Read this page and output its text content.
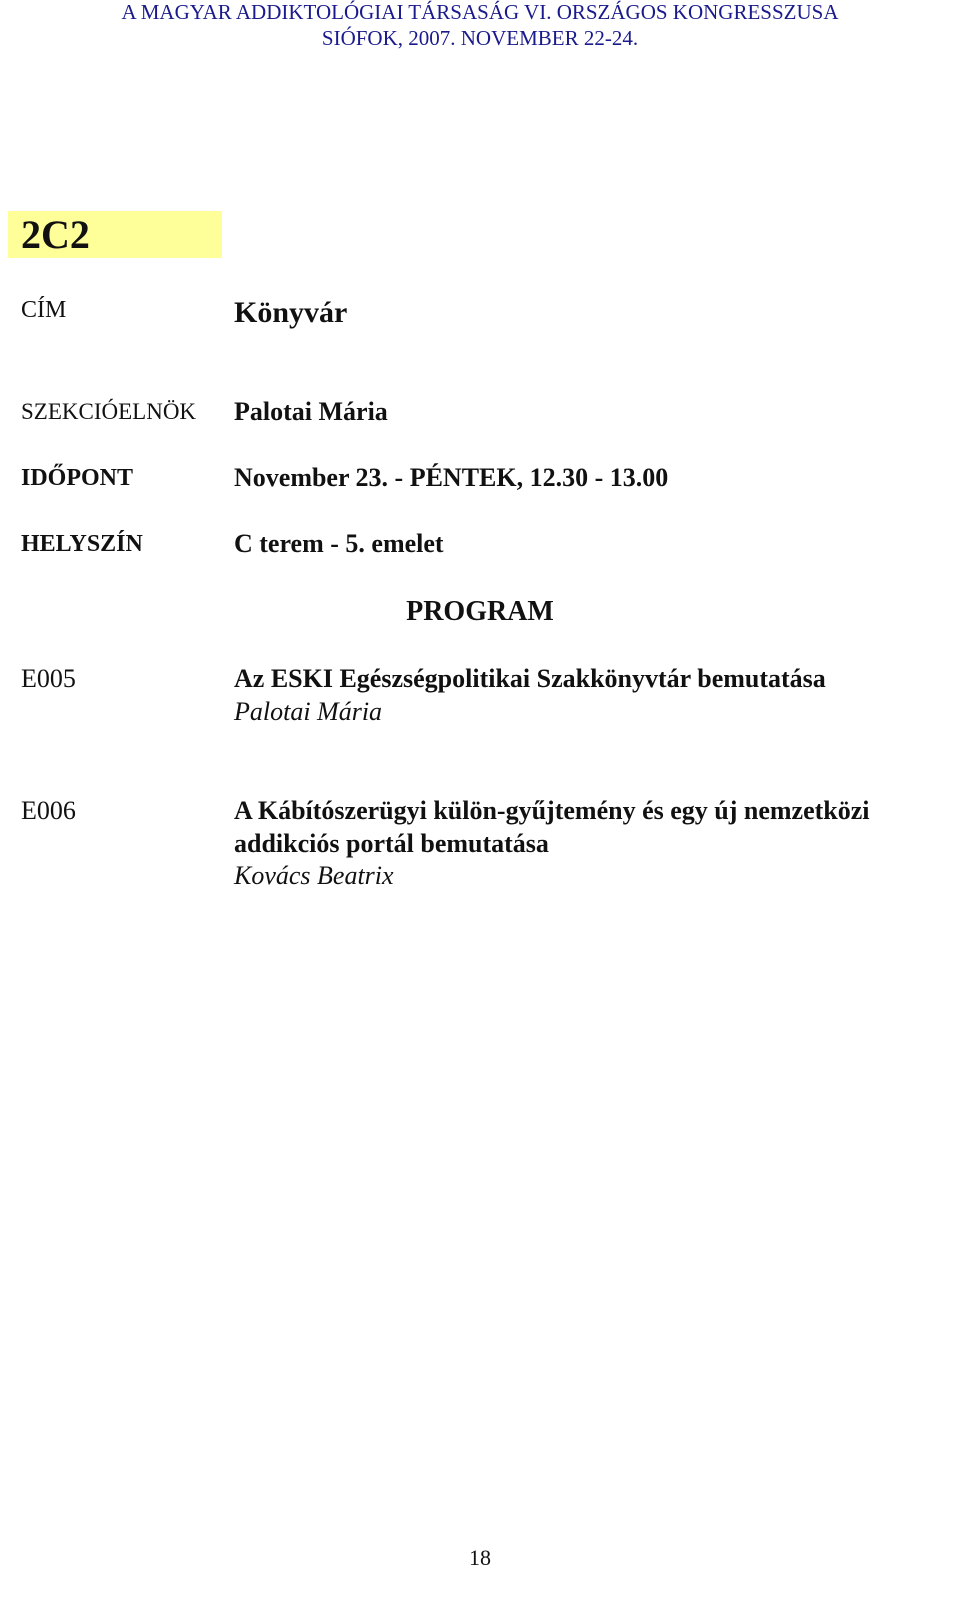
A MAGYAR ADDIKTOLÓGIAI TÁRSASÁG VI. ORSZÁGOS KONGRESSZUSA
SIÓFOK, 2007. NOVEMBER 22-24.
2C2
CÍM	Könyvár
SZEKCIÓELNÖK Palotai Mária
IDŐPONT	November 23. - PÉNTEK, 12.30 - 13.00
HELYSZÍN	C terem - 5. emelet
PROGRAM
E005	Az ESKI Egészségpolitikai Szakkönyvtár bemutatása
Palotai Mária
E006	A Kábítószerügyi külön-gyűjtemény és egy új nemzetközi
addikciós portál bemutatása
Kovács Beatrix
18
